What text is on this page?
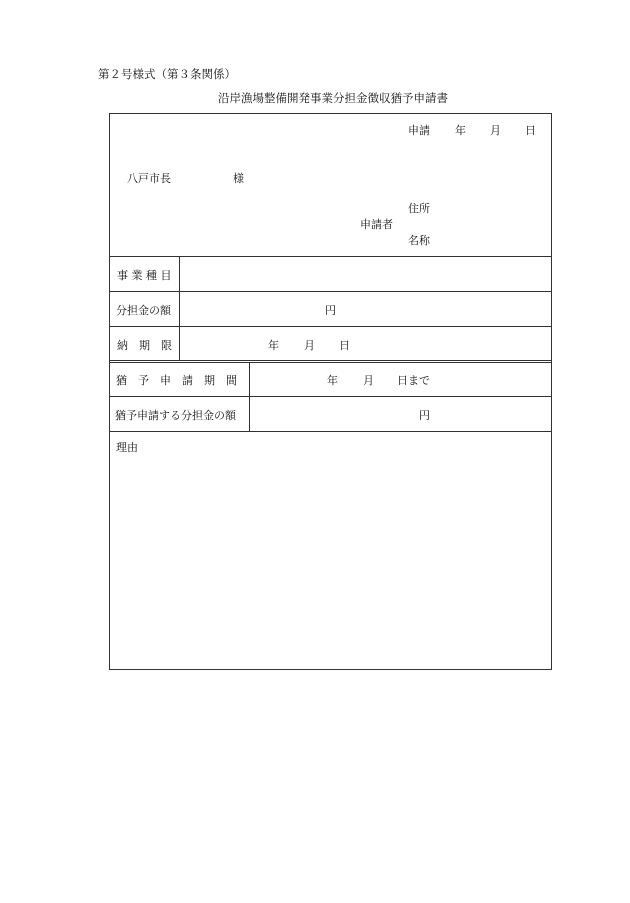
第２号様式（第３条関係）
沿岸漁場整備開発事業分担金徴収猶予申請書
申請 年 月 日
八戸市長	様
住所
申請者
名称
事 業 種 目
分担金の額	円
納　期　限	年 月 日
猶　予　申　請　期　間	年 月 日まで
猶予申請する分担金の額	円
理由
